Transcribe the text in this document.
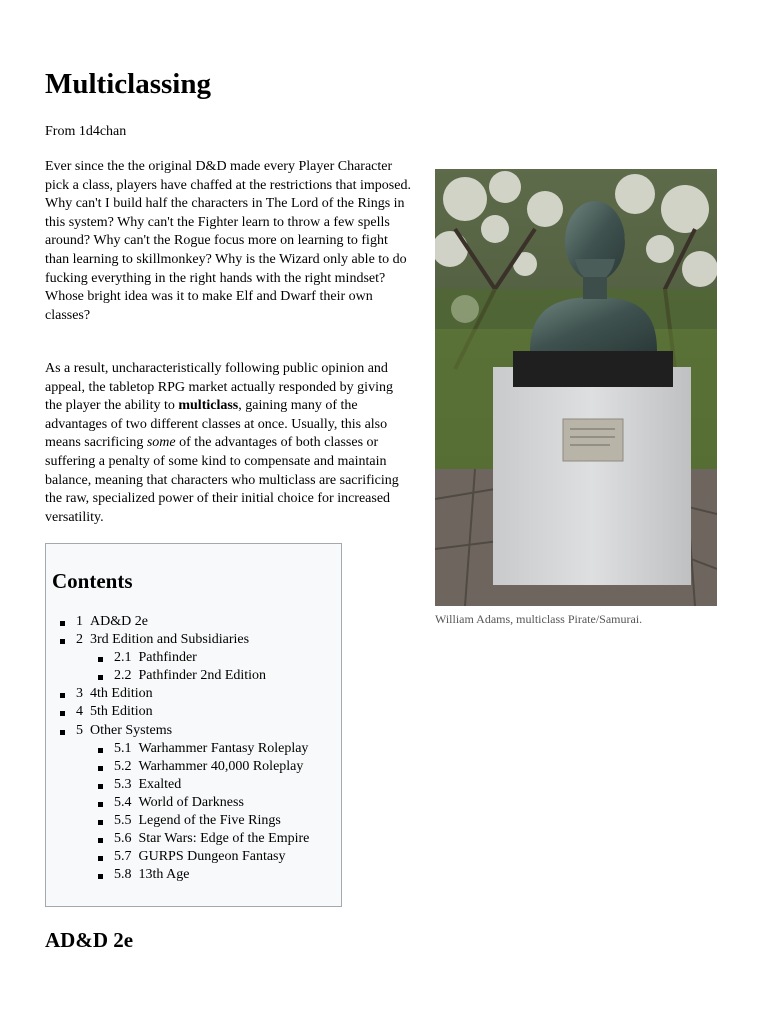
Multiclassing
From 1d4chan

Ever since the the original D&D made every Player Character pick a class, players have chaffed at the restrictions that imposed. Why can't I build half the characters in The Lord of the Rings in this system? Why can't the Fighter learn to throw a few spells around? Why can't the Rogue focus more on learning to fight than learning to skillmonkey? Why is the Wizard only able to do fucking everything in the right hands with the right mindset? Whose bright idea was it to make Elf and Dwarf their own classes?

As a result, uncharacteristically following public opinion and appeal, the tabletop RPG market actually responded by giving the player the ability to multiclass, gaining many of the advantages of two different classes at once. Usually, this also means sacrificing some of the advantages of both classes or suffering a penalty of some kind to compensate and maintain balance, meaning that characters who multiclass are sacrificing the raw, specialized power of their initial choice for increased versatility.

William Adams, multiclass Pirate/Samurai.
Contents
1 AD&D 2e
2 3rd Edition and Subsidiaries
2.1 Pathfinder
2.2 Pathfinder 2nd Edition
3 4th Edition
4 5th Edition
5 Other Systems
5.1 Warhammer Fantasy Roleplay
5.2 Warhammer 40,000 Roleplay
5.3 Exalted
5.4 World of Darkness
5.5 Legend of the Five Rings
5.6 Star Wars: Edge of the Empire
5.7 GURPS Dungeon Fantasy
5.8 13th Age
AD&D 2e
